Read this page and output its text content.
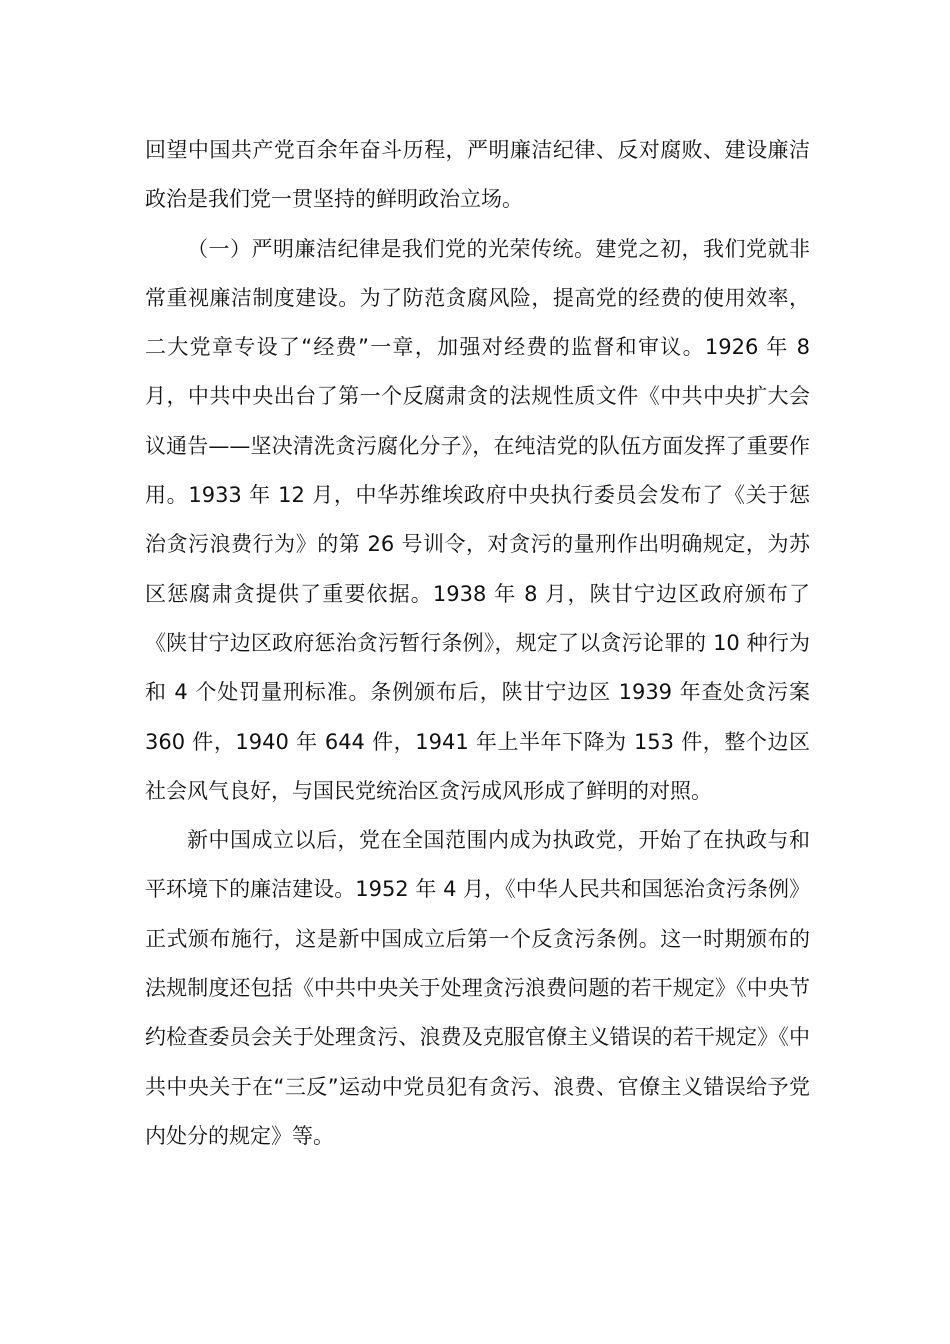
回望中国共产党百余年奋斗历程，严明廉洁纪律、反对腐败、建设廉洁政治是我们党一贯坚持的鲜明政治立场。

（一）严明廉洁纪律是我们党的光荣传统。建党之初，我们党就非常重视廉洁制度建设。为了防范贪腐风险，提高党的经费的使用效率，二大党章专设了“经费”一章，加强对经费的监督和审议。1926 年 8 月，中共中央出台了第一个反腐肃贪的法规性质文件《中共中央扩大会议通告——坚决清洗贪污腐化分子》，在纯洁党的队伍方面发挥了重要作用。1933 年 12 月，中华苏维埃政府中央执行委员会发布了《关于惩治贪污浪费行为》的第 26 号训令，对贪污的量刑作出明确规定，为苏区惩腐肃贪提供了重要依据。1938 年 8 月，陕甘宁边区政府颁布了《陕甘宁边区政府惩治贪污暂行条例》，规定了以贪污论罪的 10 种行为和 4 个处罚量刑标准。条例颁布后，陕甘宁边区 1939 年查处贪污案 360 件，1940 年 644 件，1941 年上半年下降为 153 件，整个边区社会风气良好，与国民党统治区贪污成风形成了鲜明的对照。

新中国成立以后，党在全国范围内成为执政党，开始了在执政与和平环境下的廉洁建设。1952 年 4 月，《中华人民共和国惩治贪污条例》正式颁布施行，这是新中国成立后第一个反贪污条例。这一时期颁布的法规制度还包括《中共中央关于处理贪污浪费问题的若干规定》《中央节约检查委员会关于处理贪污、浪费及克服官僚主义错误的若干规定》《中共中央关于在“三反”运动中党员犯有贪污、浪费、官僚主义错误给予党内处分的规定》等。
